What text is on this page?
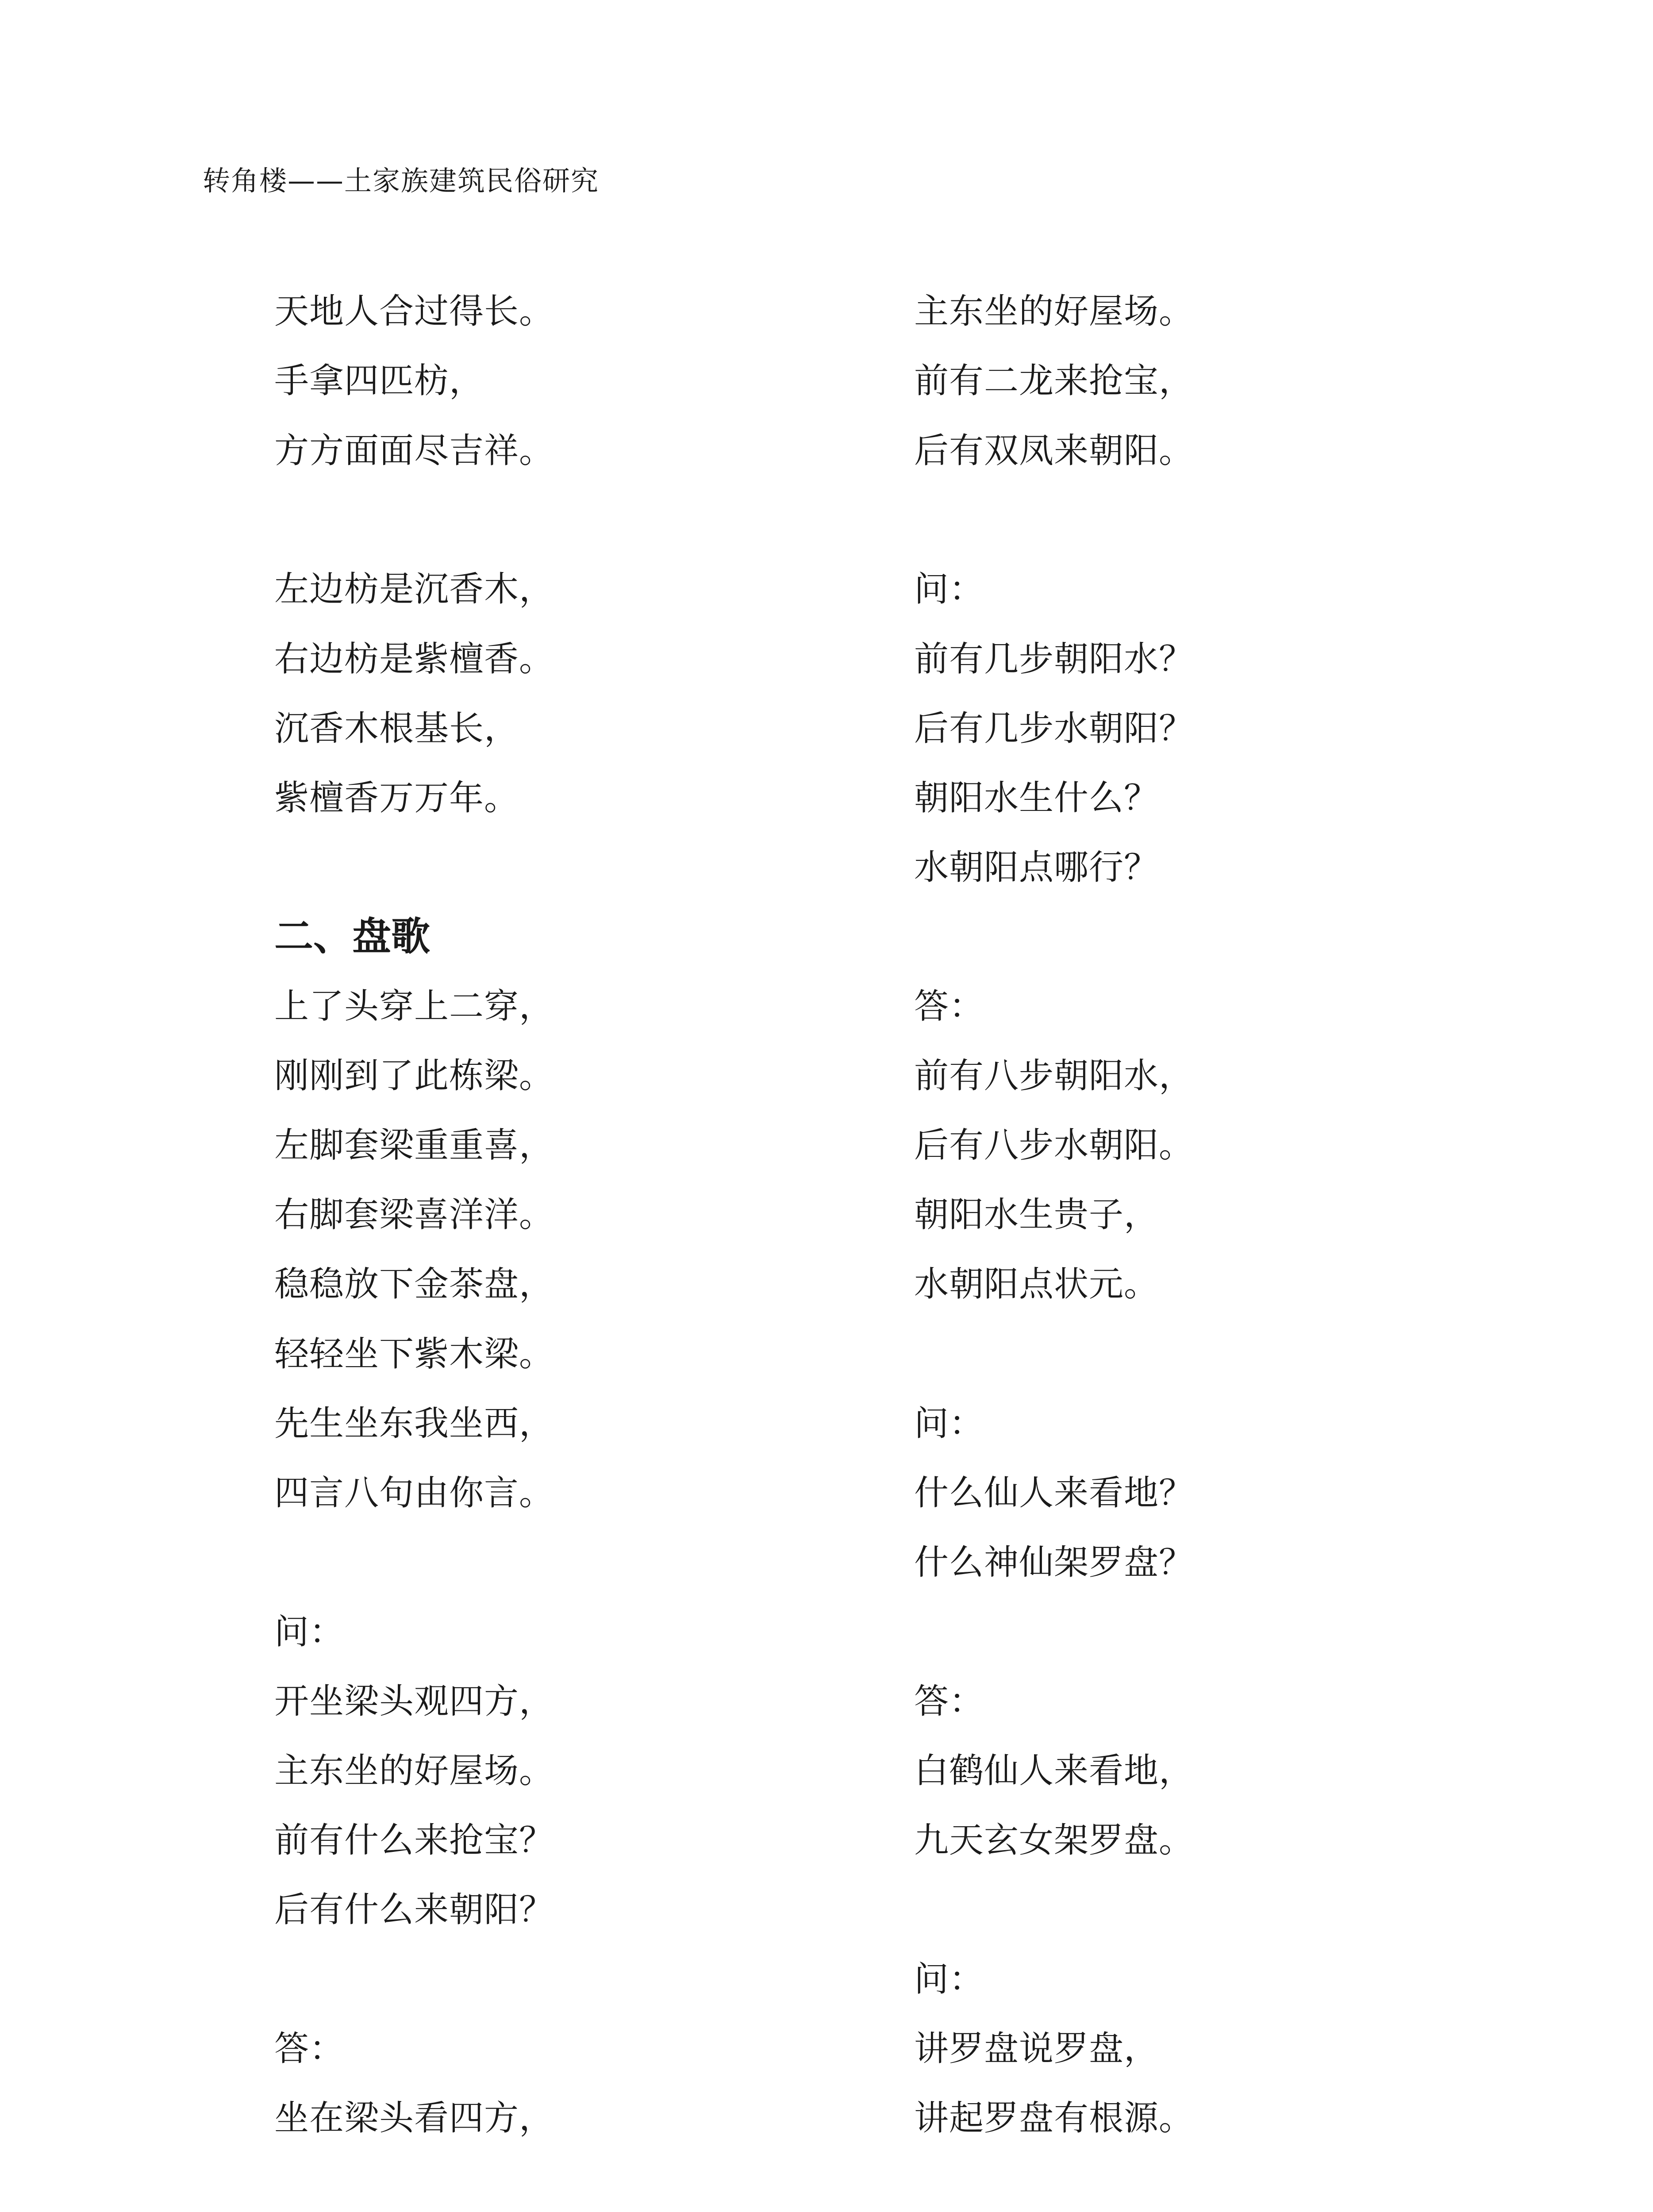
转角楼——土家族建筑民俗研究
天地人合过得长。
手拿四匹枋，
方方面面尽吉祥。
左边枋是沉香木，
右边枋是紫檀香。
沉香木根基长，
紫檀香万万年。
二、盘歌
上了头穿上二穿，
刚刚到了此栋梁。
左脚套梁重重喜，
右脚套梁喜洋洋。
稳稳放下金茶盘，
轻轻坐下紫木梁。
先生坐东我坐西，
四言八句由你言。
问：
开坐梁头观四方，
主东坐的好屋场。
前有什么来抢宝？
后有什么来朝阳？
答：
坐在梁头看四方，
主东坐的好屋场。
前有二龙来抢宝，
后有双凤来朝阳。
问：
前有几步朝阳水？
后有几步水朝阳？
朝阳水生什么？
水朝阳点哪行？
答：
前有八步朝阳水，
后有八步水朝阳。
朝阳水生贵子，
水朝阳点状元。
问：
什么仙人来看地？
什么神仙架罗盘？
答：
白鹤仙人来看地，
九天玄女架罗盘。
问：
讲罗盘说罗盘，
讲起罗盘有根源。
